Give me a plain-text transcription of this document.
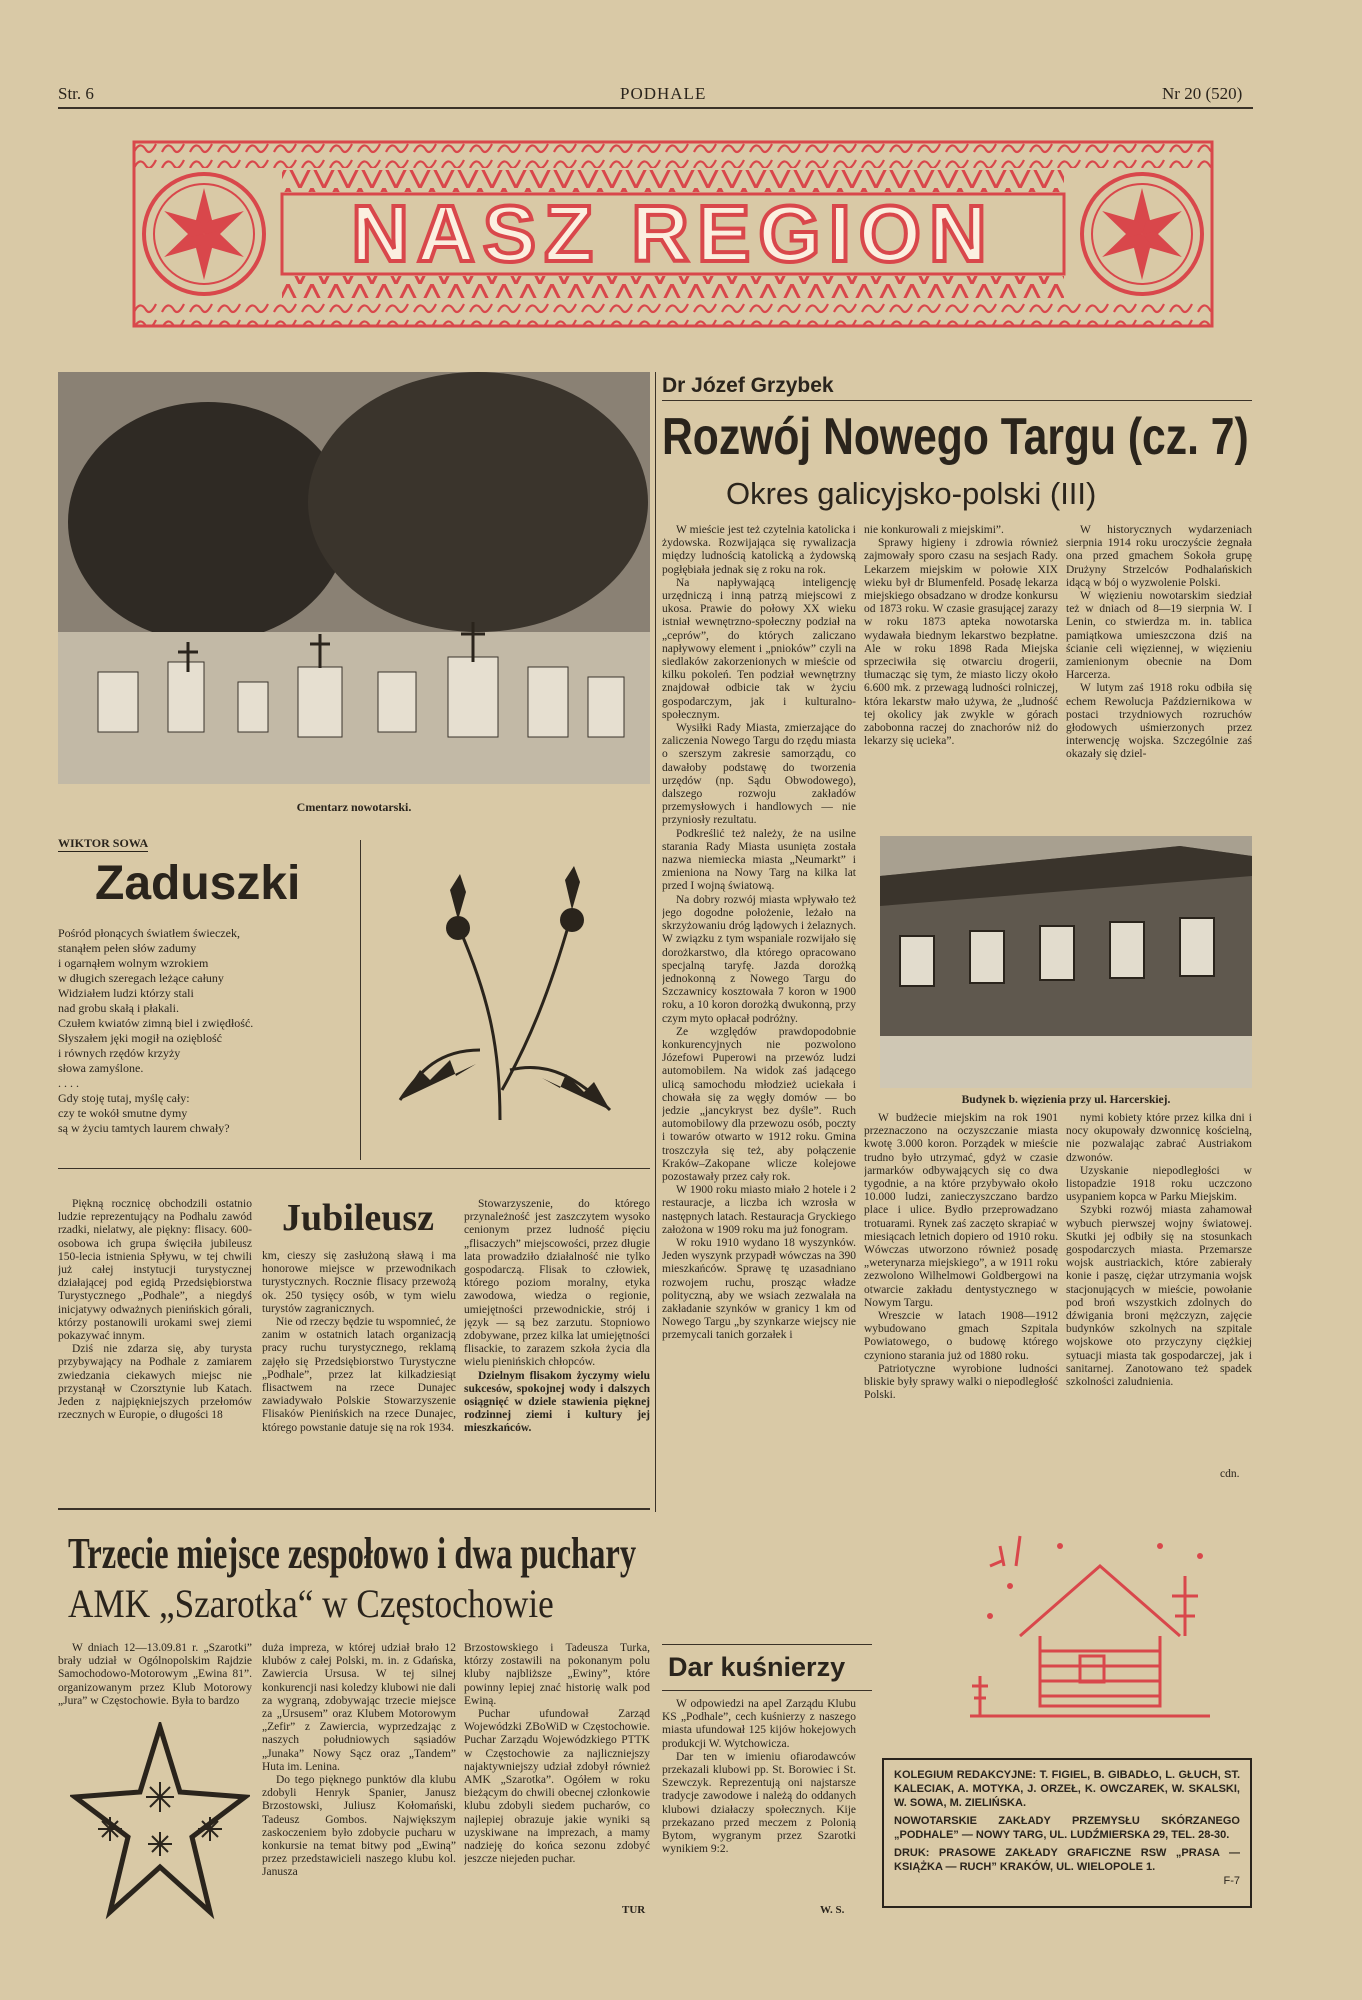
Str. 6	PODHALE	Nr 20 (520)
NASZ REGION
Cmentarz nowotarski.
WIKTOR SOWA
Zaduszki
Pośród płonących światłem świeczek,
stanąłem pełen słów zadumy
i ogarnąłem wolnym wzrokiem
w długich szeregach leżące całuny
Widziałem ludzi którzy stali
nad grobu skałą i płakali.
Czułem kwiatów zimną biel i zwiędłość.
Słyszałem jęki mogił na ozięblość
i równych rzędów krzyży
słowa zamyślone.
. . . .
Gdy stoję tutaj, myślę cały:
czy te wokół smutne dymy
są w życiu tamtych laurem chwały?
Dr Józef Grzybek
Rozwój Nowego Targu (cz. 7)
Okres galicyjsko-polski (III)

W mieście jest też czytelnia katolicka i żydowska. Rozwijająca się rywalizacja między ludnością katolicką a żydowską pogłębiała jednak się z roku na rok.

Na napływającą inteligencję urzędniczą i inną patrzą miejscowi z ukosa. Prawie do połowy XX wieku istniał wewnętrzno-społeczny podział na „ceprów”, do których zaliczano napływowy element i „pnioków” czyli na siedlaków zakorzenionych w mieście od kilku pokoleń. Ten podział wewnętrzny znajdował odbicie tak w życiu gospodarczym, jak i kulturalno-społecznym.

Wysiłki Rady Miasta, zmierzające do zaliczenia Nowego Targu do rzędu miasta o szerszym zakresie samorządu, co dawałoby podstawę do tworzenia urzędów (np. Sądu Obwodowego), dalszego rozwoju zakładów przemysłowych i handlowych — nie przyniosły rezultatu.

Podkreślić też należy, że na usilne starania Rady Miasta usunięta została nazwa niemiecka miasta „Neumarkt” i zmieniona na Nowy Targ na kilka lat przed I wojną światową.

Na dobry rozwój miasta wpływało też jego dogodne położenie, leżało na skrzyżowaniu dróg lądowych i żelaznych. W związku z tym wspaniale rozwijało się dorożkarstwo, dla którego opracowano specjalną taryfę. Jazda dorożką jednokonną z Nowego Targu do Szczawnicy kosztowała 7 koron w 1900 roku, a 10 koron dorożką dwukonną, przy czym myto opłacał podróżny.

Ze względów prawdopodobnie konkurencyjnych nie pozwolono Józefowi Puperowi na przewóz ludzi automobilem. Na widok zaś jadącego ulicą samochodu młodzież uciekała i chowała się za węgły domów — bo jedzie „jancykryst bez dyśle”. Ruch automobilowy dla przewozu osób, poczty i towarów otwarto w 1912 roku. Gmina troszczyła się też, aby połączenie Kraków–Zakopane wlicze kolejowe pozostawały przez cały rok.

W 1900 roku miasto miało 2 hotele i 2 restauracje, a liczba ich wzrosła w następnych latach. Restauracja Gryckiego założona w 1909 roku ma już fonogram.

W roku 1910 wydano 18 wyszynków. Jeden wyszynk przypadł wówczas na 390 mieszkańców. Sprawę tę uzasadniano rozwojem ruchu, prosząc władze polityczną, aby we wsiach zezwalała na zakładanie szynków w granicy 1 km od Nowego Targu „by szynkarze wiejscy nie przemycali tanich gorzałek i

nie konkurowali z miejskimi”.

Sprawy higieny i zdrowia również zajmowały sporo czasu na sesjach Rady. Lekarzem miejskim w połowie XIX wieku był dr Blumenfeld. Posadę lekarza miejskiego obsadzano w drodze konkursu od 1873 roku. W czasie grasującej zarazy w roku 1873 apteka nowotarska wydawała biednym lekarstwo bezpłatne. Ale w roku 1898 Rada Miejska sprzeciwiła się otwarciu drogerii, tłumacząc się tym, że miasto liczy około 6.600 mk. z przewagą ludności rolniczej, która lekarstw mało używa, że „ludność tej okolicy jak zwykle w górach zabobonna raczej do znachorów niż do lekarzy się ucieka”.

W historycznych wydarzeniach sierpnia 1914 roku uroczyście żegnała ona przed gmachem Sokoła grupę Drużyny Strzelców Podhalańskich idącą w bój o wyzwolenie Polski.

W więzieniu nowotarskim siedział też w dniach od 8—19 sierpnia W. I Lenin, co stwierdza m. in. tablica pamiątkowa umieszczona dziś na ścianie celi więziennej, w więzieniu zamienionym obecnie na Dom Harcerza.

W lutym zaś 1918 roku odbiła się echem Rewolucja Październikowa w postaci trzydniowych rozruchów głodowych uśmierzonych przez interwencję wojska. Szczególnie zaś okazały się dziel-

Budynek b. więzienia przy ul. Harcerskiej.

W budżecie miejskim na rok 1901 przeznaczono na oczyszczanie miasta kwotę 3.000 koron. Porządek w mieście trudno było utrzymać, gdyż w czasie jarmarków odbywających się co dwa tygodnie, a na które przybywało około 10.000 ludzi, zanieczyszczano bardzo place i ulice. Bydło przeprowadzano trotuarami. Rynek zaś zaczęto skrapiać w miesiącach letnich dopiero od 1910 roku. Wówczas utworzono również posadę „weterynarza miejskiego”, a w 1911 roku zezwolono Wilhelmowi Goldbergowi na otwarcie zakładu dentystycznego w Nowym Targu.

Wreszcie w latach 1908—1912 wybudowano gmach Szpitala Powiatowego, o budowę którego czyniono starania już od 1880 roku.

Patriotyczne wyrobione ludności bliskie były sprawy walki o niepodległość Polski.

nymi kobiety które przez kilka dni i nocy okupowały dzwonnicę kościelną, nie pozwalając zabrać Austriakom dzwonów.

Uzyskanie niepodległości w listopadzie 1918 roku uczczono usypaniem kopca w Parku Miejskim.

Szybki rozwój miasta zahamował wybuch pierwszej wojny światowej. Skutki jej odbiły się na stosunkach gospodarczych miasta. Przemarsze wojsk austriackich, które zabierały konie i paszę, ciężar utrzymania wojsk stacjonujących w mieście, powołanie pod broń wszystkich zdolnych do dźwigania broni mężczyzn, zajęcie budynków szkolnych na szpitale wojskowe oto przyczyny ciężkiej sytuacji miasta tak gospodarczej, jak i sanitarnej. Zanotowano też spadek szkolności zaludnienia.

cdn.

Piękną rocznicę obchodzili ostatnio ludzie reprezentujący na Podhalu zawód rzadki, nielatwy, ale piękny: flisacy. 600-osobowa ich grupa święciła jubileusz 150-lecia istnienia Spływu, w tej chwili już całej instytucji turystycznej działającej pod egidą Przedsiębiorstwa Turystycznego „Podhale”, a niegdyś inicjatywy odważnych pienińskich górali, którzy postanowili urokami swej ziemi pokazywać innym.

Dziś nie zdarza się, aby turysta przybywający na Podhale z zamiarem zwiedzania ciekawych miejsc nie przystanął w Czorsztynie lub Katach. Jeden z najpiękniejszych przełomów rzecznych w Europie, o długości 18

Jubileusz

km, cieszy się zasłużoną sławą i ma honorowe miejsce w przewodnikach turystycznych. Rocznie flisacy przewożą ok. 250 tysięcy osób, w tym wielu turystów zagranicznych.

Nie od rzeczy będzie tu wspomnieć, że zanim w ostatnich latach organizacją pracy ruchu turystycznego, reklamą zajęło się Przedsiębiorstwo Turystyczne „Podhale”, przez lat kilkadziesiąt flisactwem na rzece Dunajec zawiadywało Polskie Stowarzyszenie Flisaków Pienińskich na rzece Dunajec, którego powstanie datuje się na rok 1934.

Stowarzyszenie, do którego przynależność jest zaszczytem wysoko cenionym przez ludność pięciu „flisaczych” miejscowości, przez długie lata prowadziło działalność nie tylko gospodarczą. Flisak to człowiek, którego poziom moralny, etyka zawodowa, wiedza o regionie, umiejętności przewodnickie, strój i język — są bez zarzutu. Stopniowo zdobywane, przez kilka lat umiejętności flisackie, to zarazem szkoła życia dla wielu pienińskich chłopców.

Dzielnym flisakom życzymy wielu sukcesów, spokojnej wody i dalszych osiągnięć w dziele stawienia pięknej rodzinnej ziemi i kultury jej mieszkańców.

Trzecie miejsce zespołowo i dwa puchary
AMK „Szarotka“ w Częstochowie

W dniach 12—13.09.81 r. „Szarotki” brały udział w Ogólnopolskim Rajdzie Samochodowo-Motorowym „Ewina 81”. organizowanym przez Klub Motorowy „Jura” w Częstochowie. Była to bardzo

duża impreza, w której udział brało 12 klubów z całej Polski, m. in. z Gdańska, Zawiercia Ursusa. W tej silnej konkurencji nasi koledzy klubowi nie dali za wygraną, zdobywając trzecie miejsce za „Ursusem” oraz Klubem Motorowym „Zefir” z Zawiercia, wyprzedzając z naszych południowych sąsiadów „Junaka” Nowy Sącz oraz „Tandem” Huta im. Lenina.

Do tego pięknego punktów dla klubu zdobyli Henryk Spanier, Janusz Brzostowski, Juliusz Kołomański, Tadeusz Gombos. Największym zaskoczeniem było zdobycie pucharu w konkursie na temat bitwy pod „Ewiną” przez przedstawicieli naszego klubu kol. Janusza

Brzostowskiego i Tadeusza Turka, którzy zostawili na pokonanym polu kluby najbliższe „Ewiny”, które powinny lepiej znać historię walk pod Ewiną.

Puchar ufundował Zarząd Wojewódzki ZBoWiD w Częstochowie. Puchar Zarządu Wojewódzkiego PTTK w Częstochowie za najliczniejszy najaktywniejszy udział zdobył również AMK „Szarotka”. Ogółem w roku bieżącym do chwili obecnej członkowie klubu zdobyli siedem pucharów, co najlepiej obrazuje jakie wyniki są uzyskiwane na imprezach, a mamy nadzieję do końca sezonu zdobyć jeszcze niejeden puchar.

TUR
Dar kuśnierzy

W odpowiedzi na apel Zarządu Klubu KS „Podhale”, cech kuśnierzy z naszego miasta ufundował 125 kijów hokejowych produkcji W. Wytchowicza.

Dar ten w imieniu ofiarodawców przekazali klubowi pp. St. Borowiec i St. Szewczyk. Reprezentują oni najstarsze tradycje zawodowe i należą do oddanych klubowi działaczy społecznych. Kije przekazano przed meczem z Polonią Bytom, wygranym przez Szarotki wynikiem 9:2.

W. S.
KOLEGIUM REDAKCYJNE: T. FIGIEL, B. GIBADŁO, L. GŁUCH, ST. KALECIAK, A. MOTYKA, J. ORZEŁ, K. OWCZAREK, W. SKALSKI, W. SOWA, M. ZIELIŃSKA.
NOWOTARSKIE ZAKŁADY PRZEMYSŁU SKÓRZANEGO „PODHALE” — NOWY TARG, UL. LUDŹMIERSKA 29, TEL. 28-30.
DRUK: PRASOWE ZAKŁADY GRAFICZNE RSW „PRASA — KSIĄŻKA — RUCH” KRAKÓW, UL. WIELOPOLE 1.
F-7
